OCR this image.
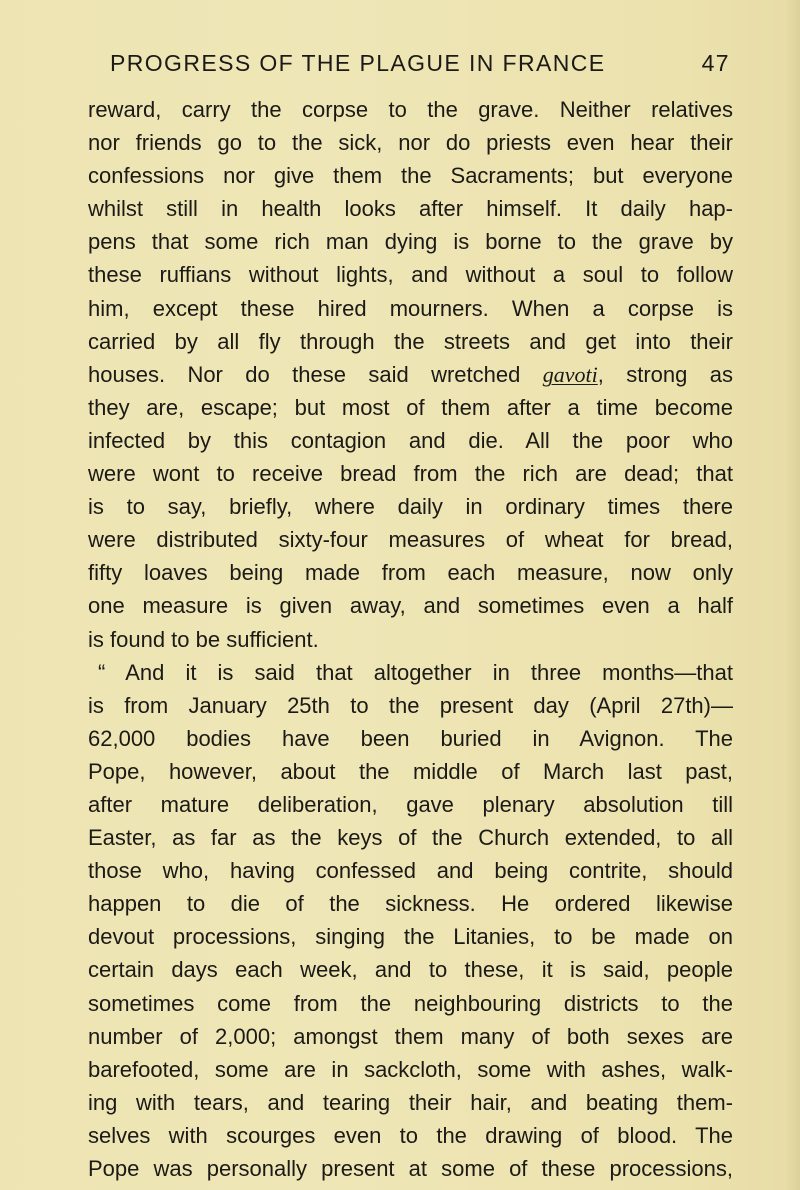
PROGRESS OF THE PLAGUE IN FRANCE	47
reward, carry the corpse to the grave. Neither relatives
nor friends go to the sick, nor do priests even hear their
confessions nor give them the Sacraments; but everyone
whilst still in health looks after himself. It daily hap-
pens that some rich man dying is borne to the grave by
these ruffians without lights, and without a soul to follow
him, except these hired mourners. When a corpse is
carried by all fly through the streets and get into their
houses. Nor do these said wretched gavoti, strong as
they are, escape; but most of them after a time become
infected by this contagion and die. All the poor who
were wont to receive bread from the rich are dead; that
is to say, briefly, where daily in ordinary times there
were distributed sixty-four measures of wheat for bread,
fifty loaves being made from each measure, now only
one measure is given away, and sometimes even a half
is found to be sufficient.
“ And it is said that altogether in three months—that
is from January 25th to the present day (April 27th)—
62,000 bodies have been buried in Avignon. The
Pope, however, about the middle of March last past,
after mature deliberation, gave plenary absolution till
Easter, as far as the keys of the Church extended, to all
those who, having confessed and being contrite, should
happen to die of the sickness. He ordered likewise
devout processions, singing the Litanies, to be made on
certain days each week, and to these, it is said, people
sometimes come from the neighbouring districts to the
number of 2,000; amongst them many of both sexes are
barefooted, some are in sackcloth, some with ashes, walk-
ing with tears, and tearing their hair, and beating them-
selves with scourges even to the drawing of blood. The
Pope was personally present at some of these processions,
